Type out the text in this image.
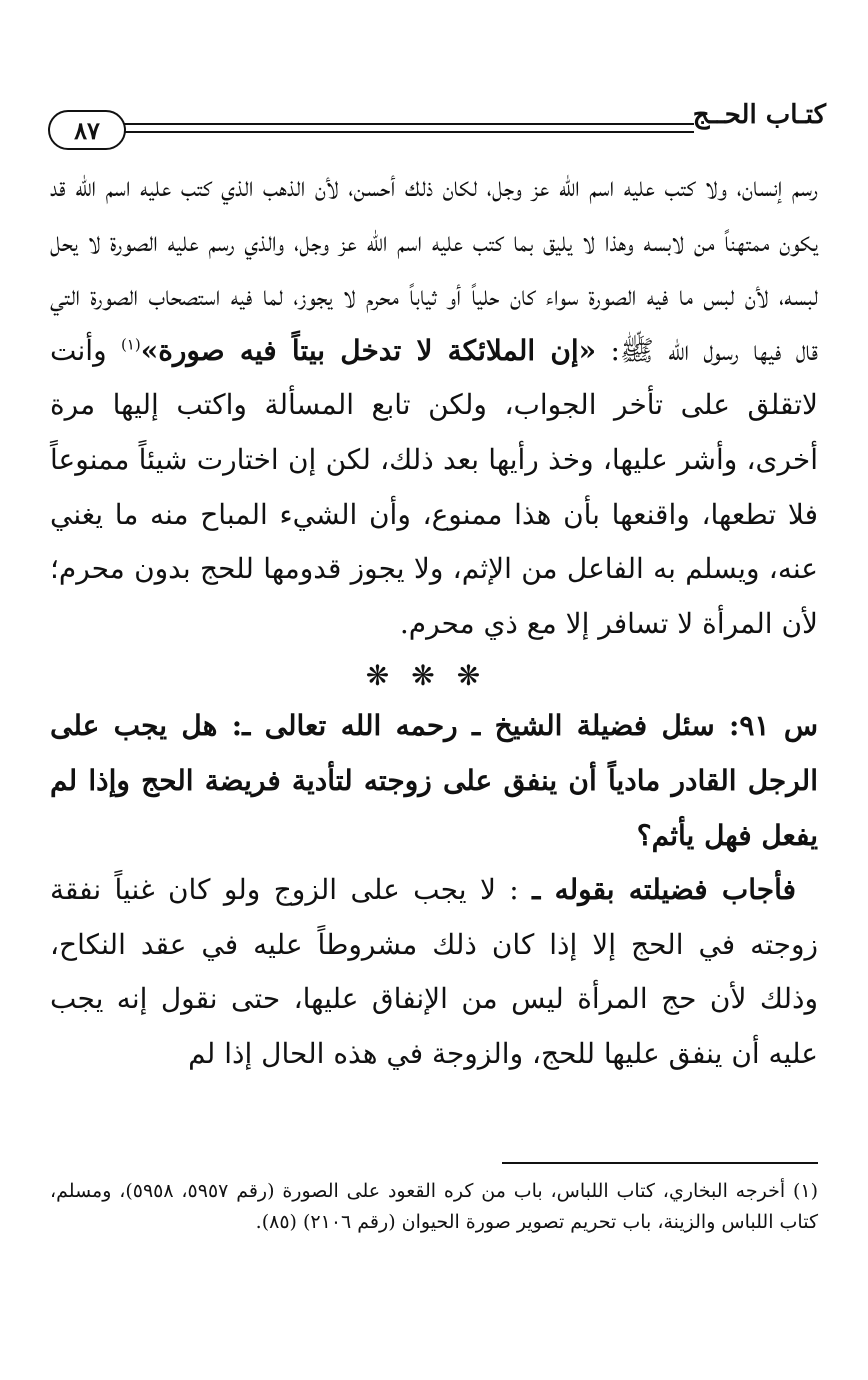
٨٧	كتـاب الحــج

رسم إنسان، ولا كتب عليه اسم الله عز وجل، لكان ذلك أحسن، لأن الذهب الذي كتب عليه اسم الله قد يكون ممتهناً من لابسه وهذا لا يليق بما كتب عليه اسم الله عز وجل، والذي رسم عليه الصورة لا يحل لبسه، لأن لبس ما فيه الصورة سواء كان حلياً أو ثياباً محرم لا يجوز، لما فيه استصحاب الصورة التي قال فيها رسول الله ﷺ: «إن الملائكة لا تدخل بيتاً فيه صورة»$^{(١)}$ وأنت لاتقلق على تأخر الجواب، ولكن تابع المسألة واكتب إليها مرة أخرى، وأشر عليها، وخذ رأيها بعد ذلك، لكن إن اختارت شيئاً ممنوعاً فلا تطعها، واقنعها بأن هذا ممنوع، وأن الشيء المباح منه ما يغني عنه، ويسلم به الفاعل من الإثم، ولا يجوز قدومها للحج بدون محرم؛ لأن المرأة لا تسافر إلا مع ذي محرم.

❋❋❋

س ٩١: سئل فضيلة الشيخ ـ رحمه الله تعالى ـ: هل يجب على الرجل القادر مادياً أن ينفق على زوجته لتأدية فريضة الحج وإذا لم يفعل فهل يأثم؟

فأجاب فضيلته بقوله ـ : لا يجب على الزوج ولو كان غنياً نفقة زوجته في الحج إلا إذا كان ذلك مشروطاً عليه في عقد النكاح، وذلك لأن حج المرأة ليس من الإنفاق عليها، حتى نقول إنه يجب عليه أن ينفق عليها للحج، والزوجة في هذه الحال إذا لم

(١) أخرجه البخاري، كتاب اللباس، باب من كره القعود على الصورة (رقم ٥٩٥٧، ٥٩٥٨)، ومسلم، كتاب اللباس والزينة، باب تحريم تصوير صورة الحيوان (رقم ٢١٠٦) (٨٥).
